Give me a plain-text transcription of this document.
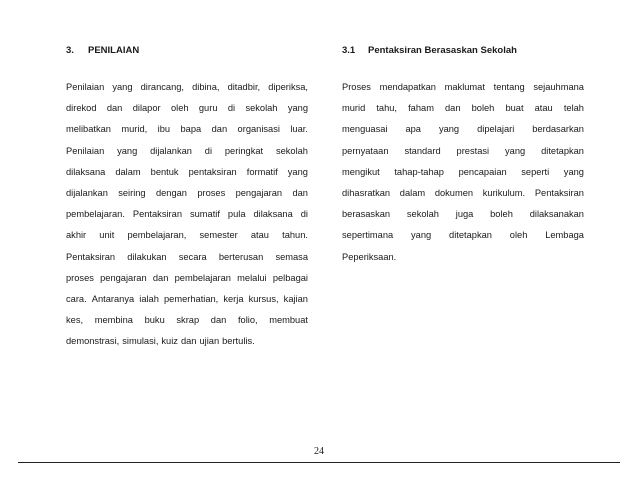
3. PENILAIAN
Penilaian yang dirancang, dibina, ditadbir, diperiksa,
direkod dan dilapor oleh guru di sekolah yang
melibatkan murid, ibu bapa dan organisasi luar.
Penilaian yang dijalankan di peringkat sekolah
dilaksana dalam bentuk pentaksiran formatif yang
dijalankan seiring dengan proses pengajaran dan
pembelajaran. Pentaksiran sumatif pula dilaksana di
akhir unit pembelajaran, semester atau tahun.
Pentaksiran dilakukan secara berterusan semasa
proses pengajaran dan pembelajaran melalui pelbagai
cara. Antaranya ialah pemerhatian, kerja kursus, kajian
kes, membina buku skrap dan folio, membuat
demonstrasi, simulasi, kuiz dan ujian bertulis.
3.1 Pentaksiran Berasaskan Sekolah
Proses mendapatkan maklumat tentang sejauhmana
murid tahu, faham dan boleh buat atau telah
menguasai apa yang dipelajari berdasarkan
pernyataan standard prestasi yang ditetapkan
mengikut tahap-tahap pencapaian seperti yang
dihasratkan dalam dokumen kurikulum. Pentaksiran
berasaskan sekolah juga boleh dilaksanakan
sepertimana yang ditetapkan oleh Lembaga
Peperiksaan.

24
